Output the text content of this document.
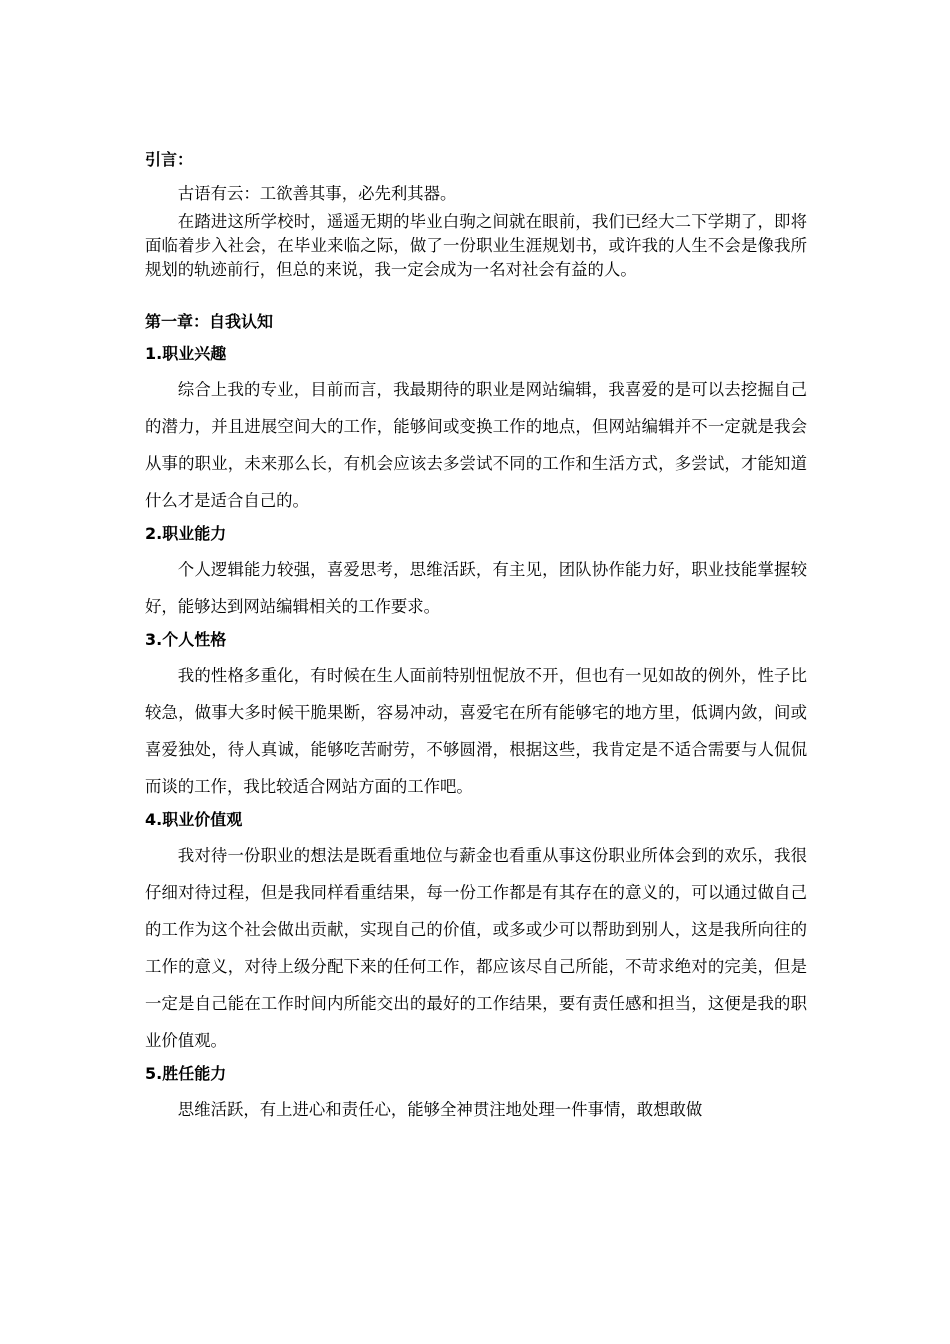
引言：

古语有云：工欲善其事，必先利其器。

在踏进这所学校时，遥遥无期的毕业白驹之间就在眼前，我们已经大二下学期了，即将面临着步入社会，在毕业来临之际，做了一份职业生涯规划书，或许我的人生不会是像我所规划的轨迹前行，但总的来说，我一定会成为一名对社会有益的人。

第一章：自我认知
1.职业兴趣

综合上我的专业，目前而言，我最期待的职业是网站编辑，我喜爱的是可以去挖掘自己的潜力，并且进展空间大的工作，能够间或变换工作的地点，但网站编辑并不一定就是我会从事的职业，未来那么长，有机会应该去多尝试不同的工作和生活方式，多尝试，才能知道什么才是适合自己的。

2.职业能力

个人逻辑能力较强，喜爱思考，思维活跃，有主见，团队协作能力好，职业技能掌握较好，能够达到网站编辑相关的工作要求。

3.个人性格

我的性格多重化，有时候在生人面前特别忸怩放不开，但也有一见如故的例外，性子比较急，做事大多时候干脆果断，容易冲动，喜爱宅在所有能够宅的地方里，低调内敛，间或喜爱独处，待人真诚，能够吃苦耐劳，不够圆滑，根据这些，我肯定是不适合需要与人侃侃而谈的工作，我比较适合网站方面的工作吧。

4.职业价值观

我对待一份职业的想法是既看重地位与薪金也看重从事这份职业所体会到的欢乐，我很仔细对待过程，但是我同样看重结果，每一份工作都是有其存在的意义的，可以通过做自己的工作为这个社会做出贡献，实现自己的价值，或多或少可以帮助到别人，这是我所向往的工作的意义，对待上级分配下来的任何工作，都应该尽自己所能，不苛求绝对的完美，但是一定是自己能在工作时间内所能交出的最好的工作结果，要有责任感和担当，这便是我的职业价值观。

5.胜任能力

思维活跃，有上进心和责任心，能够全神贯注地处理一件事情，敢想敢做
